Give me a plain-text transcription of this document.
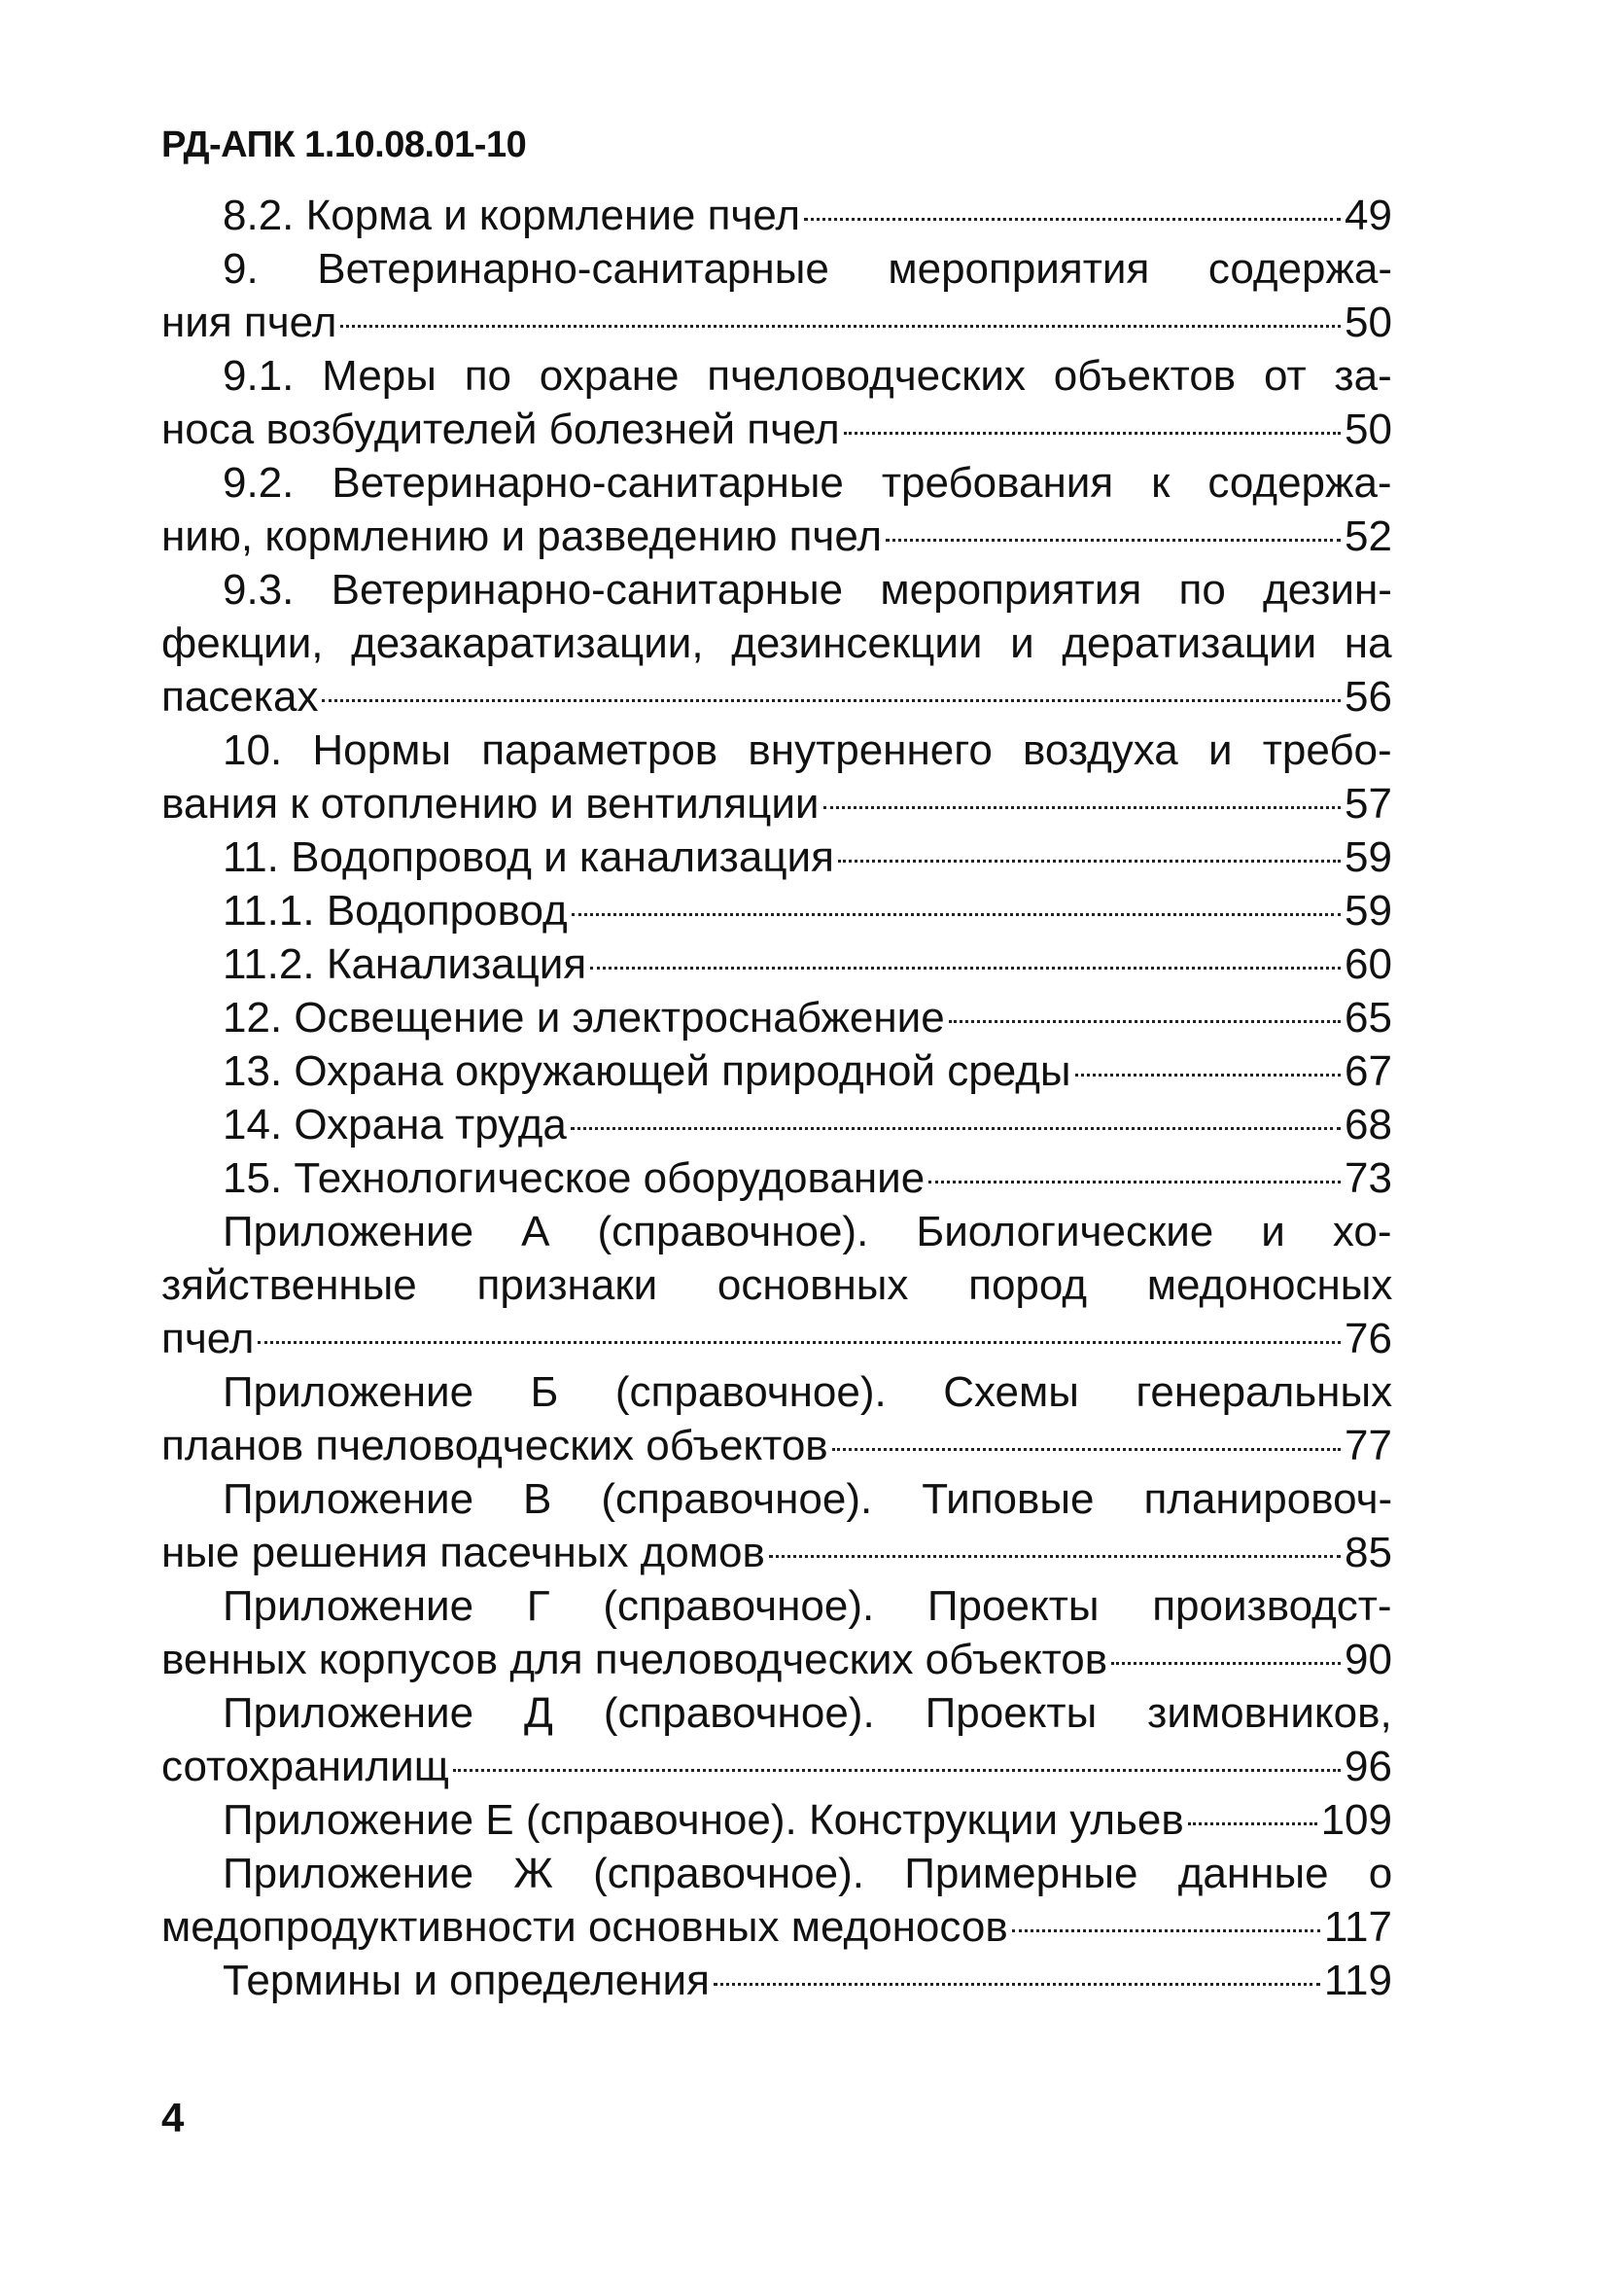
РД-АПК 1.10.08.01-10
8.2. Корма и кормление пчел	49
9. Ветеринарно-санитарные мероприятия содержа-
ния пчел	50
9.1. Меры по охране пчеловодческих объектов от за-
носа возбудителей болезней пчел	50
9.2. Ветеринарно-санитарные требования к содержа-
нию, кормлению и разведению пчел	52
9.3. Ветеринарно-санитарные мероприятия по дезин-
фекции, дезакаратизации, дезинсекции и дератизации на
пасеках	56
10. Нормы параметров внутреннего воздуха и требо-
вания к отоплению и вентиляции	57
11. Водопровод и канализация	59
11.1. Водопровод	59
11.2. Канализация	60
12. Освещение и электроснабжение	65
13. Охрана окружающей природной среды	67
14. Охрана труда	68
15. Технологическое оборудование	73
Приложение А (справочное). Биологические и хо-
зяйственные признаки основных пород медоносных
пчел	76
Приложение Б (справочное). Схемы генеральных
планов пчеловодческих объектов	77
Приложение В (справочное). Типовые планировоч-
ные решения пасечных домов	85
Приложение Г (справочное). Проекты производст-
венных корпусов для пчеловодческих объектов	90
Приложение Д (справочное). Проекты зимовников,
сотохранилищ	96
Приложение Е (справочное). Конструкции ульев	109
Приложение Ж (справочное). Примерные данные о
медопродуктивности основных медоносов	117
Термины и определения	119
4
